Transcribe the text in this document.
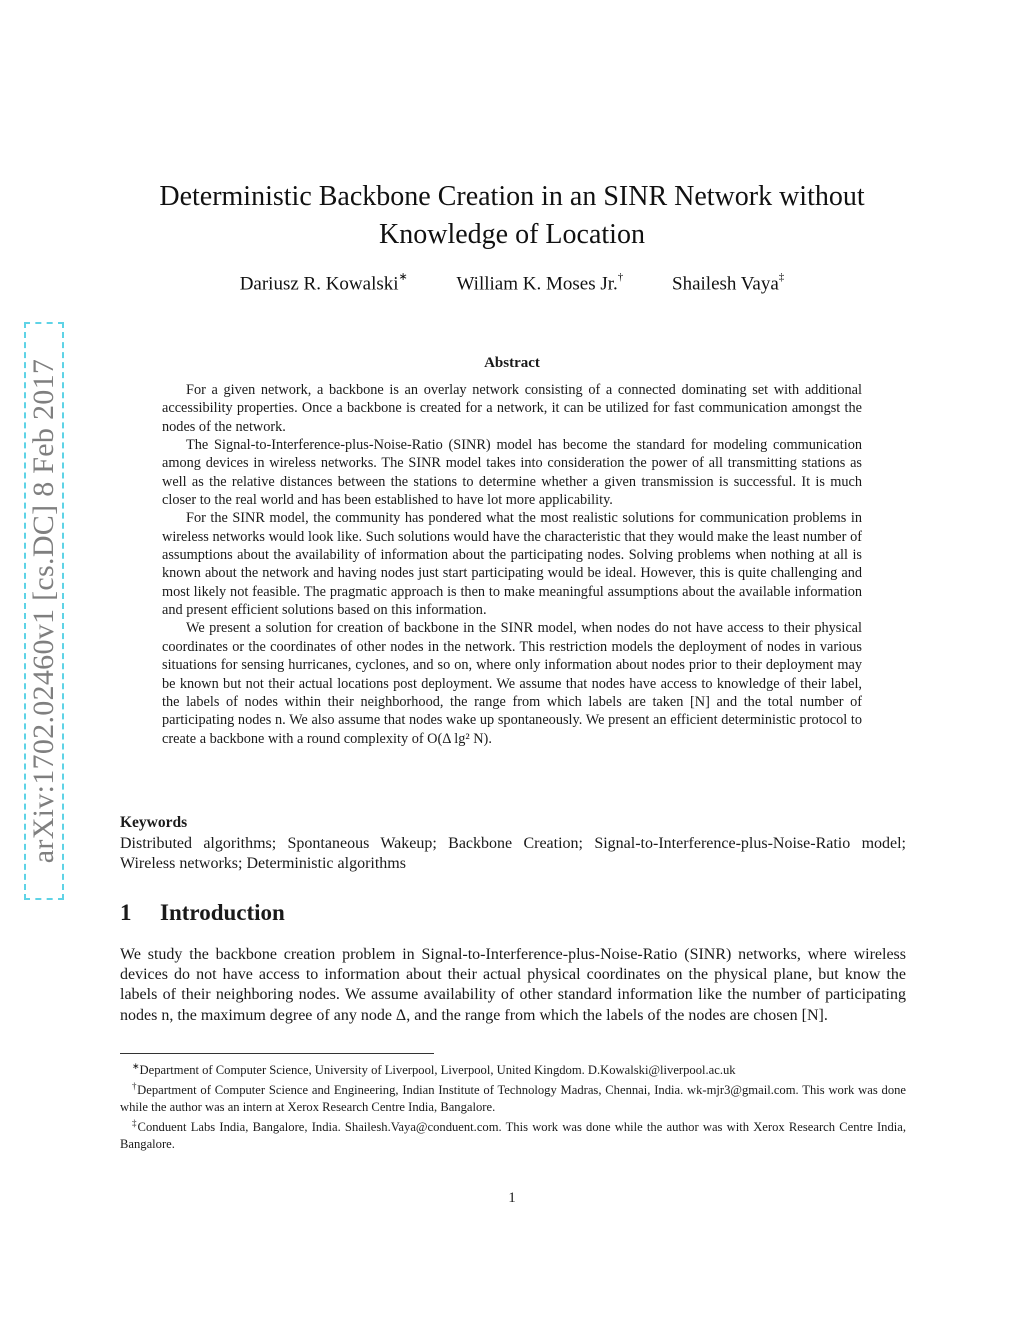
arXiv:1702.02460v1 [cs.DC] 8 Feb 2017
Deterministic Backbone Creation in an SINR Network without Knowledge of Location
Dariusz R. Kowalski∗	William K. Moses Jr.†	Shailesh Vaya‡
Abstract

For a given network, a backbone is an overlay network consisting of a connected dominating set with additional accessibility properties. Once a backbone is created for a network, it can be utilized for fast communication amongst the nodes of the network.

The Signal-to-Interference-plus-Noise-Ratio (SINR) model has become the standard for modeling communication among devices in wireless networks. The SINR model takes into consideration the power of all transmitting stations as well as the relative distances between the stations to determine whether a given transmission is successful. It is much closer to the real world and has been established to have lot more applicability.

For the SINR model, the community has pondered what the most realistic solutions for communication problems in wireless networks would look like. Such solutions would have the characteristic that they would make the least number of assumptions about the availability of information about the participating nodes. Solving problems when nothing at all is known about the network and having nodes just start participating would be ideal. However, this is quite challenging and most likely not feasible. The pragmatic approach is then to make meaningful assumptions about the available information and present efficient solutions based on this information.

We present a solution for creation of backbone in the SINR model, when nodes do not have access to their physical coordinates or the coordinates of other nodes in the network. This restriction models the deployment of nodes in various situations for sensing hurricanes, cyclones, and so on, where only information about nodes prior to their deployment may be known but not their actual locations post deployment. We assume that nodes have access to knowledge of their label, the labels of nodes within their neighborhood, the range from which labels are taken [N] and the total number of participating nodes n. We also assume that nodes wake up spontaneously. We present an efficient deterministic protocol to create a backbone with a round complexity of O(Δ lg² N).

Keywords
Distributed algorithms; Spontaneous Wakeup; Backbone Creation; Signal-to-Interference-plus-Noise-Ratio model; Wireless networks; Deterministic algorithms
1 Introduction

We study the backbone creation problem in Signal-to-Interference-plus-Noise-Ratio (SINR) networks, where wireless devices do not have access to information about their actual physical coordinates on the physical plane, but know the labels of their neighboring nodes. We assume availability of other standard information like the number of participating nodes n, the maximum degree of any node Δ, and the range from which the labels of the nodes are chosen [N].

∗Department of Computer Science, University of Liverpool, Liverpool, United Kingdom. D.Kowalski@liverpool.ac.uk

†Department of Computer Science and Engineering, Indian Institute of Technology Madras, Chennai, India. wk-mjr3@gmail.com. This work was done while the author was an intern at Xerox Research Centre India, Bangalore.

‡Conduent Labs India, Bangalore, India. Shailesh.Vaya@conduent.com. This work was done while the author was with Xerox Research Centre India, Bangalore.

1
